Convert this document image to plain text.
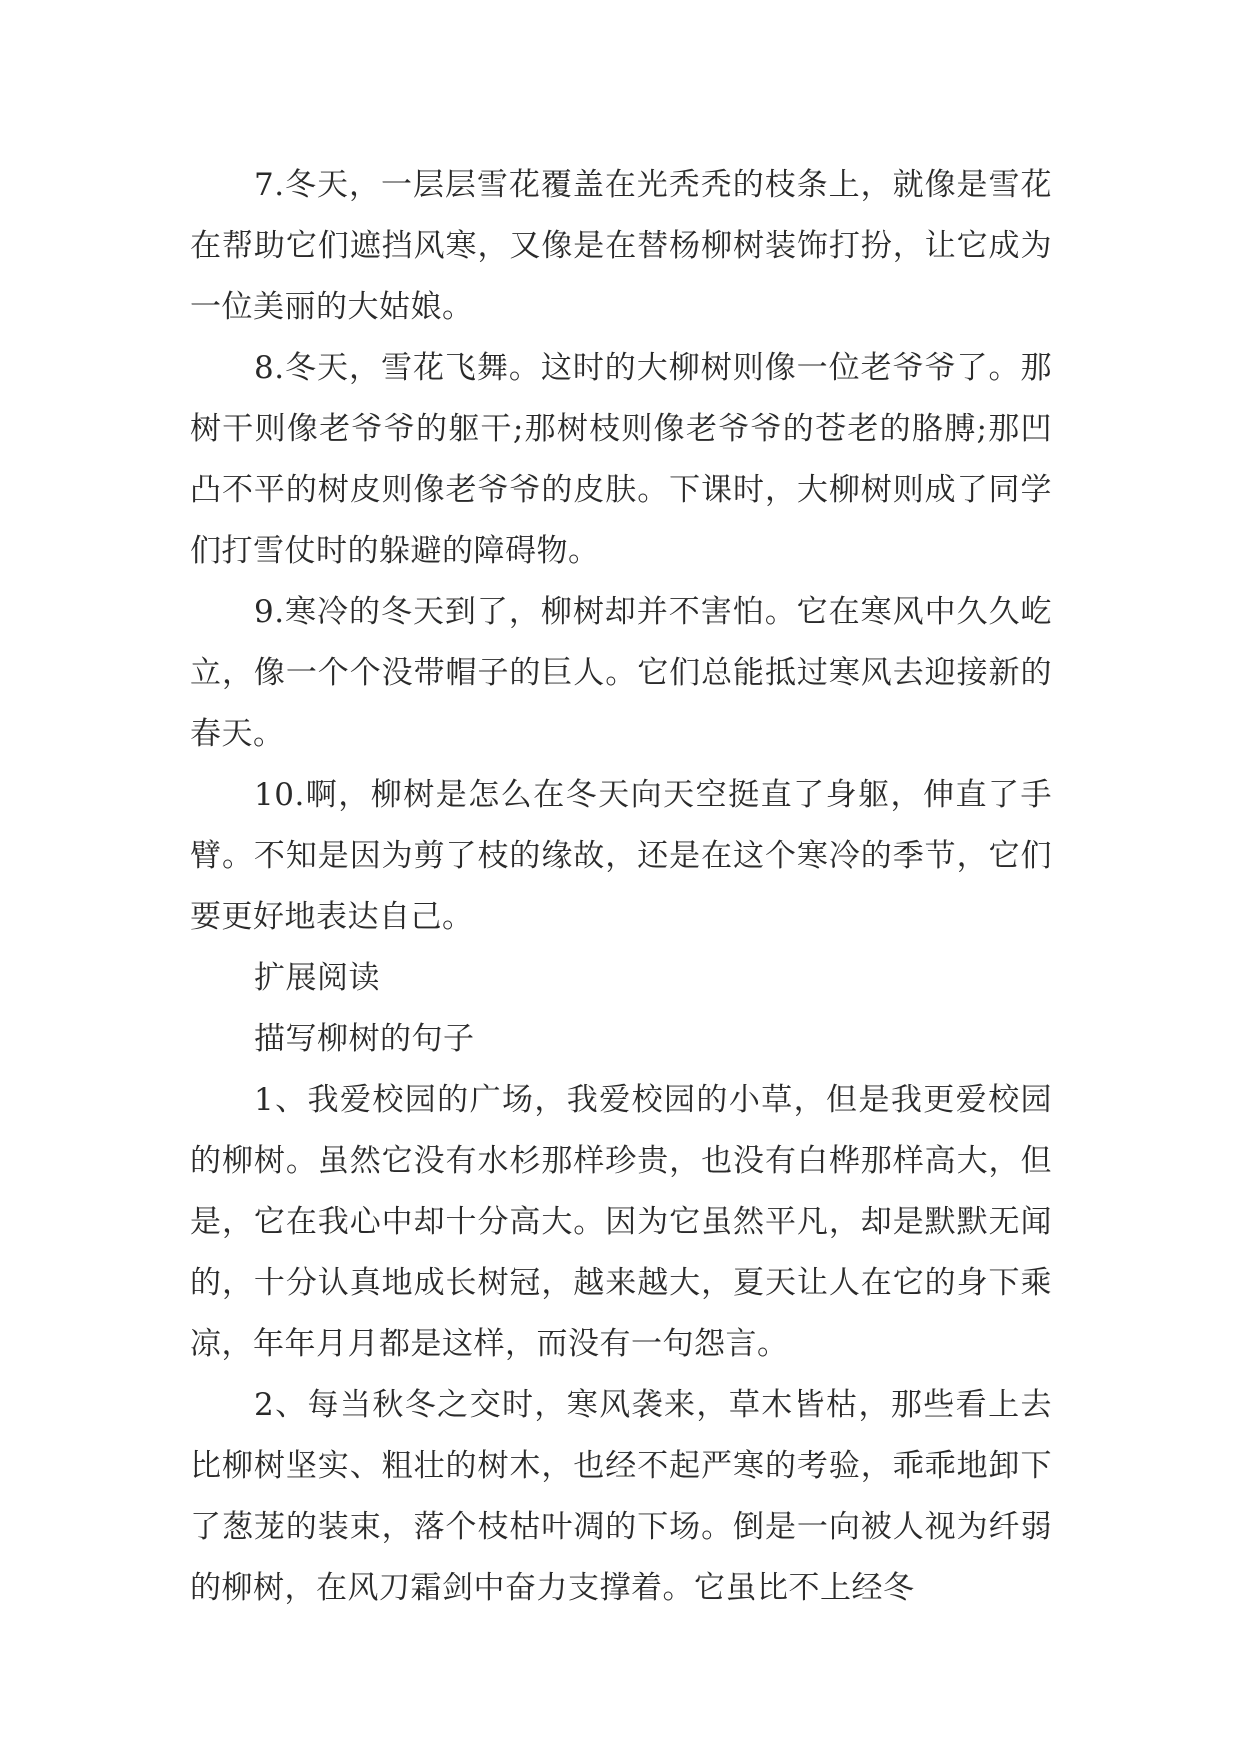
7.冬天，一层层雪花覆盖在光秃秃的枝条上，就像是雪花在帮助它们遮挡风寒，又像是在替杨柳树装饰打扮，让它成为一位美丽的大姑娘。

8.冬天，雪花飞舞。这时的大柳树则像一位老爷爷了。那树干则像老爷爷的躯干;那树枝则像老爷爷的苍老的胳膊;那凹凸不平的树皮则像老爷爷的皮肤。下课时，大柳树则成了同学们打雪仗时的躲避的障碍物。

9.寒冷的冬天到了，柳树却并不害怕。它在寒风中久久屹立，像一个个没带帽子的巨人。它们总能抵过寒风去迎接新的春天。

10.啊，柳树是怎么在冬天向天空挺直了身躯，伸直了手臂。不知是因为剪了枝的缘故，还是在这个寒冷的季节，它们要更好地表达自己。

扩展阅读

描写柳树的句子

1、我爱校园的广场，我爱校园的小草，但是我更爱校园的柳树。虽然它没有水杉那样珍贵，也没有白桦那样高大，但是，它在我心中却十分高大。因为它虽然平凡，却是默默无闻的，十分认真地成长树冠，越来越大，夏天让人在它的身下乘凉，年年月月都是这样，而没有一句怨言。

2、每当秋冬之交时，寒风袭来，草木皆枯，那些看上去比柳树坚实、粗壮的树木，也经不起严寒的考验，乖乖地卸下了葱茏的装束，落个枝枯叶凋的下场。倒是一向被人视为纤弱的柳树，在风刀霜剑中奋力支撑着。它虽比不上经冬
